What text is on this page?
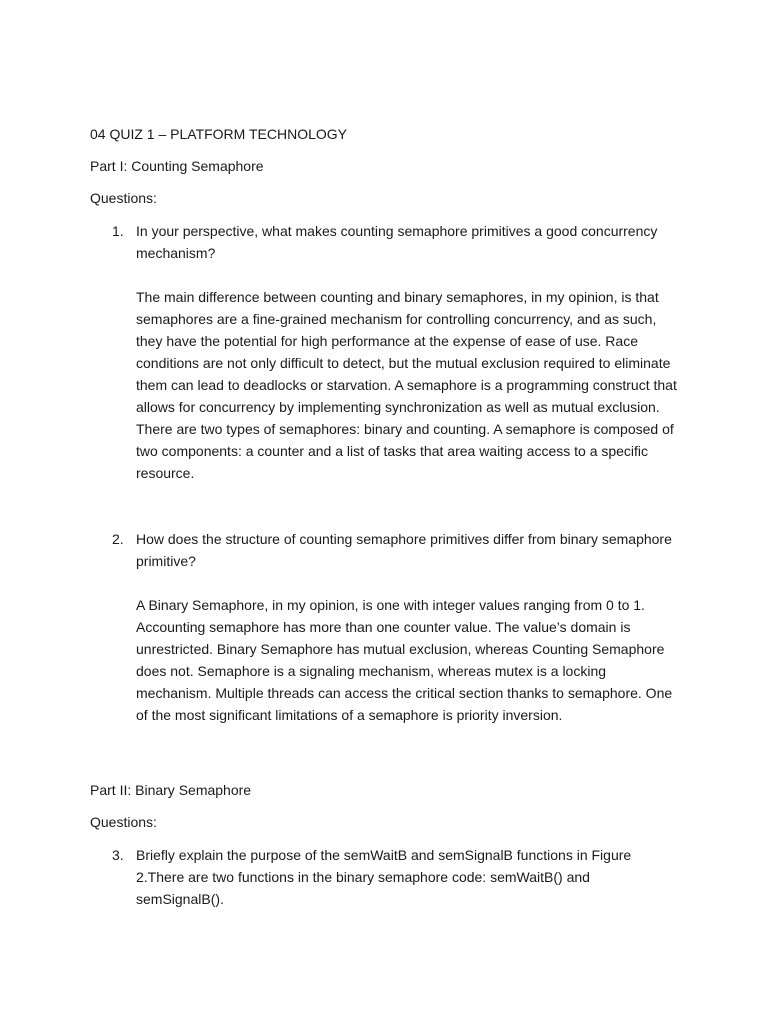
04 QUIZ 1 – PLATFORM TECHNOLOGY
Part I: Counting Semaphore

Questions:

1. In your perspective, what makes counting semaphore primitives a good concurrency mechanism?

The main difference between counting and binary semaphores, in my opinion, is that semaphores are a fine-grained mechanism for controlling concurrency, and as such, they have the potential for high performance at the expense of ease of use. Race conditions are not only difficult to detect, but the mutual exclusion required to eliminate them can lead to deadlocks or starvation. A semaphore is a programming construct that allows for concurrency by implementing synchronization as well as mutual exclusion. There are two types of semaphores: binary and counting. A semaphore is composed of two components: a counter and a list of tasks that area waiting access to a specific resource.

2. How does the structure of counting semaphore primitives differ from binary semaphore primitive?

A Binary Semaphore, in my opinion, is one with integer values ranging from 0 to 1. Accounting semaphore has more than one counter value. The value’s domain is unrestricted. Binary Semaphore has mutual exclusion, whereas Counting Semaphore does not. Semaphore is a signaling mechanism, whereas mutex is a locking mechanism. Multiple threads can access the critical section thanks to semaphore. One of the most significant limitations of a semaphore is priority inversion.

Part II: Binary Semaphore

Questions:

3. Briefly explain the purpose of the semWaitB and semSignalB functions in Figure 2.There are two functions in the binary semaphore code: semWaitB() and semSignalB().
